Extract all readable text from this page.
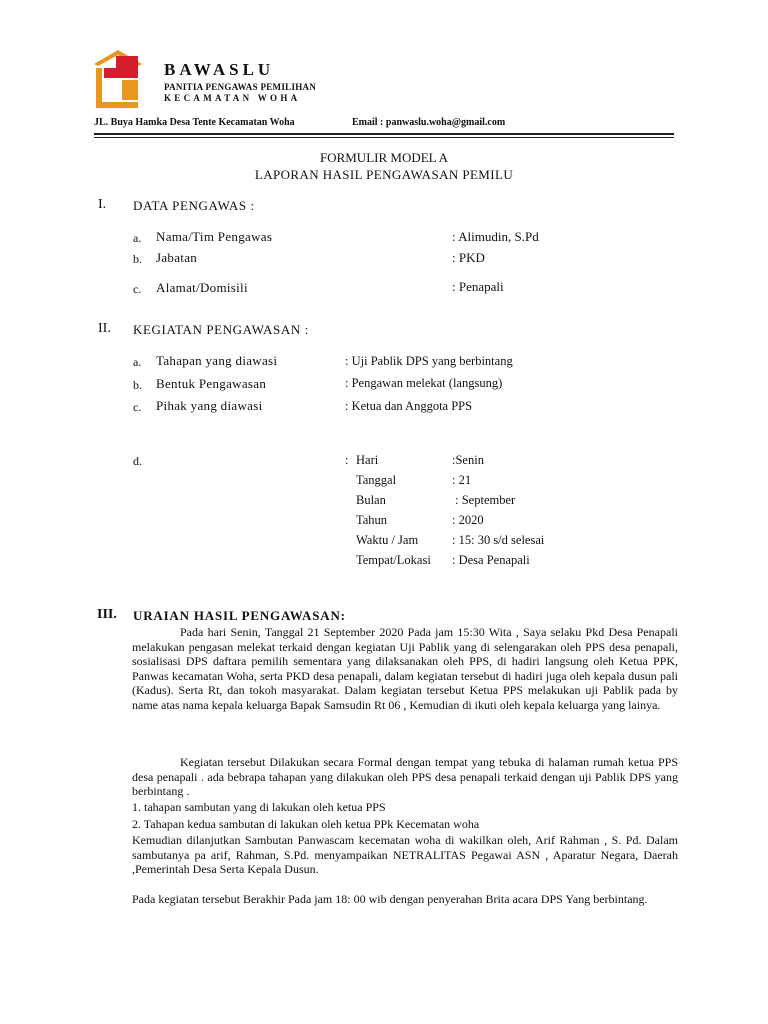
BAWASLU
PANITIA PENGAWAS PEMILIHAN
KECAMATAN WOHA
JL. Buya Hamka Desa Tente Kecamatan Woha	Email : panwaslu.woha@gmail.com
FORMULIR MODEL A
LAPORAN HASIL PENGAWASAN PEMILU
I. DATA PENGAWAS :
a. Nama/Tim Pengawas	: Alimudin, S.Pd
b. Jabatan	: PKD
c. Alamat/Domisili	: Penapali
II. KEGIATAN PENGAWASAN :
a. Tahapan yang diawasi	: Uji Pablik DPS yang berbintang
b. Bentuk Pengawasan	: Pengawan melekat (langsung)
c. Pihak yang diawasi	: Ketua dan Anggota PPS
d.	: Hari	:Senin
Tanggal	: 21
Bulan	: September
Tahun	: 2020
Waktu / Jam	: 15: 30 s/d selesai
Tempat/Lokasi : Desa Penapali
III. URAIAN HASIL PENGAWASAN:

Pada hari Senin, Tanggal 21 September 2020 Pada jam 15:30 Wita , Saya selaku Pkd Desa Penapali melakukan pengasan melekat terkaid dengan kegiatan Uji Pablik yang di selengarakan oleh PPS desa penapali, sosialisasi DPS daftara pemilih sementara yang dilaksanakan oleh PPS, di hadiri langsung oleh Ketua PPK, Panwas kecamatan Woha, serta PKD desa penapali, dalam kegiatan tersebut di hadiri juga oleh kepala dusun pali (Kadus). Serta Rt, dan tokoh masyarakat. Dalam kegiatan tersebut Ketua PPS melakukan uji Pablik pada by name atas nama kepala keluarga Bapak Samsudin Rt 06 , Kemudian di ikuti oleh kepala keluarga yang lainya.

Kegiatan tersebut Dilakukan secara Formal dengan tempat yang tebuka di halaman rumah ketua PPS desa penapali . ada bebrapa tahapan yang dilakukan oleh PPS desa penapali terkaid dengan uji Pablik DPS yang berbintang .

1. tahapan sambutan yang di lakukan oleh ketua PPS
2. Tahapan kedua sambutan di lakukan oleh ketua PPk Kecematan woha

Kemudian dilanjutkan Sambutan Panwascam kecematan woha di wakilkan oleh, Arif Rahman , S. Pd. Dalam sambutanya pa arif, Rahman, S.Pd. menyampaikan NETRALITAS Pegawai ASN , Aparatur Negara, Daerah ,Pemerintah Desa Serta Kepala Dusun.

Pada kegiatan tersebut Berakhir Pada jam 18: 00 wib dengan penyerahan Brita acara DPS Yang berbintang.
